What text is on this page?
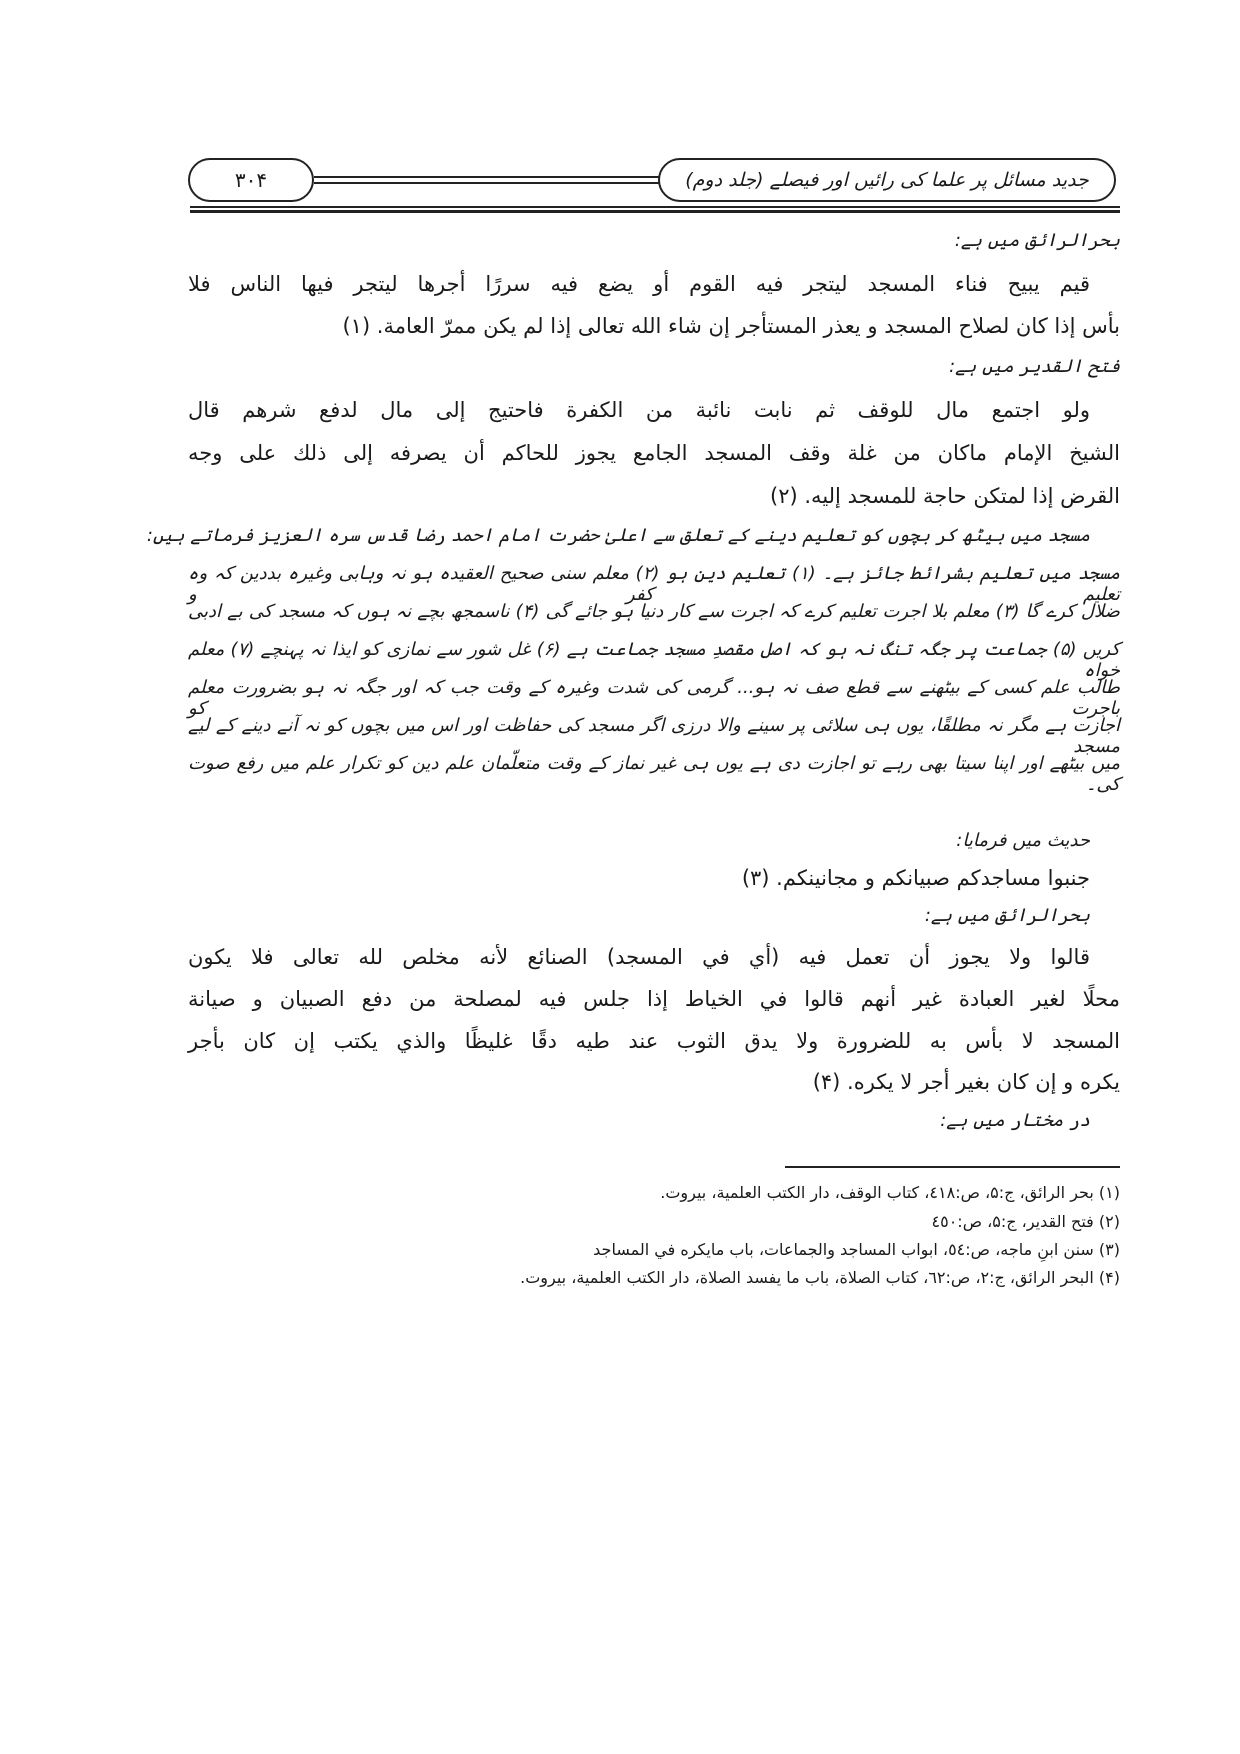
جدید مسائل پر علما کی رائیں اور فیصلے (جلد دوم)
۳۰۴
بحرالرائق میں ہے:
قيم يبيح فناء المسجد ليتجر فيه القوم أو يضع فيه سررًا أجرها ليتجر فيها الناس فلا
بأس إذا كان لصلاح المسجد و يعذر المستأجر إن شاء الله تعالى إذا لم يكن ممرّ العامة. (۱)
فتح القدیر میں ہے:
ولو اجتمع مال للوقف ثم نابت نائبة من الكفرة فاحتيج إلى مال لدفع شرهم قال
الشيخ الإمام ماكان من غلة وقف المسجد الجامع يجوز للحاكم أن يصرفه إلى ذلك على وجه
القرض إذا لمتكن حاجة للمسجد إليه. (۲)
مسجد میں بیٹھ کر بچوں کو تعلیم دینے کے تعلق سے اعلیٰ حضرت امام احمد رضا قدس سرہ العزیز فرماتے ہیں:
مسجد میں تعلیم بشرائط جائز ہے۔ (۱) تعلیم دین ہو (۲) معلم سنی صحیح العقیدہ ہو نہ وہابی وغیرہ بددین کہ وہ تعلیم کفر و
ضلال کرے گا (۳) معلم بلا اجرت تعلیم کرے کہ اجرت سے کار دنیا ہو جائے گی (۴) ناسمجھ بچے نہ ہوں کہ مسجد کی بے ادبی
کریں (۵) جماعت پر جگہ تنگ نہ ہو کہ اصل مقصدِ مسجد جماعت ہے (۶) غل شور سے نمازی کو ایذا نہ پہنچے (۷) معلم خواہ
طالب علم کسی کے بیٹھنے سے قطع صف نہ ہو... گرمی کی شدت وغیرہ کے وقت جب کہ اور جگہ نہ ہو بضرورت معلم باجرت کو
اجازت ہے مگر نہ مطلقًا، یوں ہی سلائی پر سینے والا درزی اگر مسجد کی حفاظت اور اس میں بچوں کو نہ آنے دینے کے لیے مسجد
میں بیٹھے اور اپنا سیتا بھی رہے تو اجازت دی ہے یوں ہی غیر نماز کے وقت متعلّمان علم دین کو تکرار علم میں رفع صوت کی۔
حدیث میں فرمایا:
جنبوا مساجدكم صبيانكم و مجانينكم. (۳)
بحرالرائق میں ہے:
قالوا ولا يجوز أن تعمل فيه (أي في المسجد) الصنائع لأنه مخلص لله تعالى فلا يكون
محلًا لغير العبادة غير أنهم قالوا في الخياط إذا جلس فيه لمصلحة من دفع الصبيان و صيانة
المسجد لا بأس به للضرورة ولا يدق الثوب عند طيه دقًا غليظًا والذي يكتب إن كان بأجر
يكره و إن كان بغير أجر لا يكره. (۴)
در مختار میں ہے:
(۱) بحر الرائق، ج:۵، ص:٤١٨، كتاب الوقف، دار الكتب العلمية، بيروت.
(۲) فتح القدير، ج:۵، ص:٤٥٠
(۳) سنن ابنِ ماجه، ص:٥٤، ابواب المساجد والجماعات، باب مايكره في المساجد
(۴) البحر الرائق، ج:۲، ص:٦٢، كتاب الصلاة، باب ما يفسد الصلاة، دار الكتب العلمية، بيروت.
